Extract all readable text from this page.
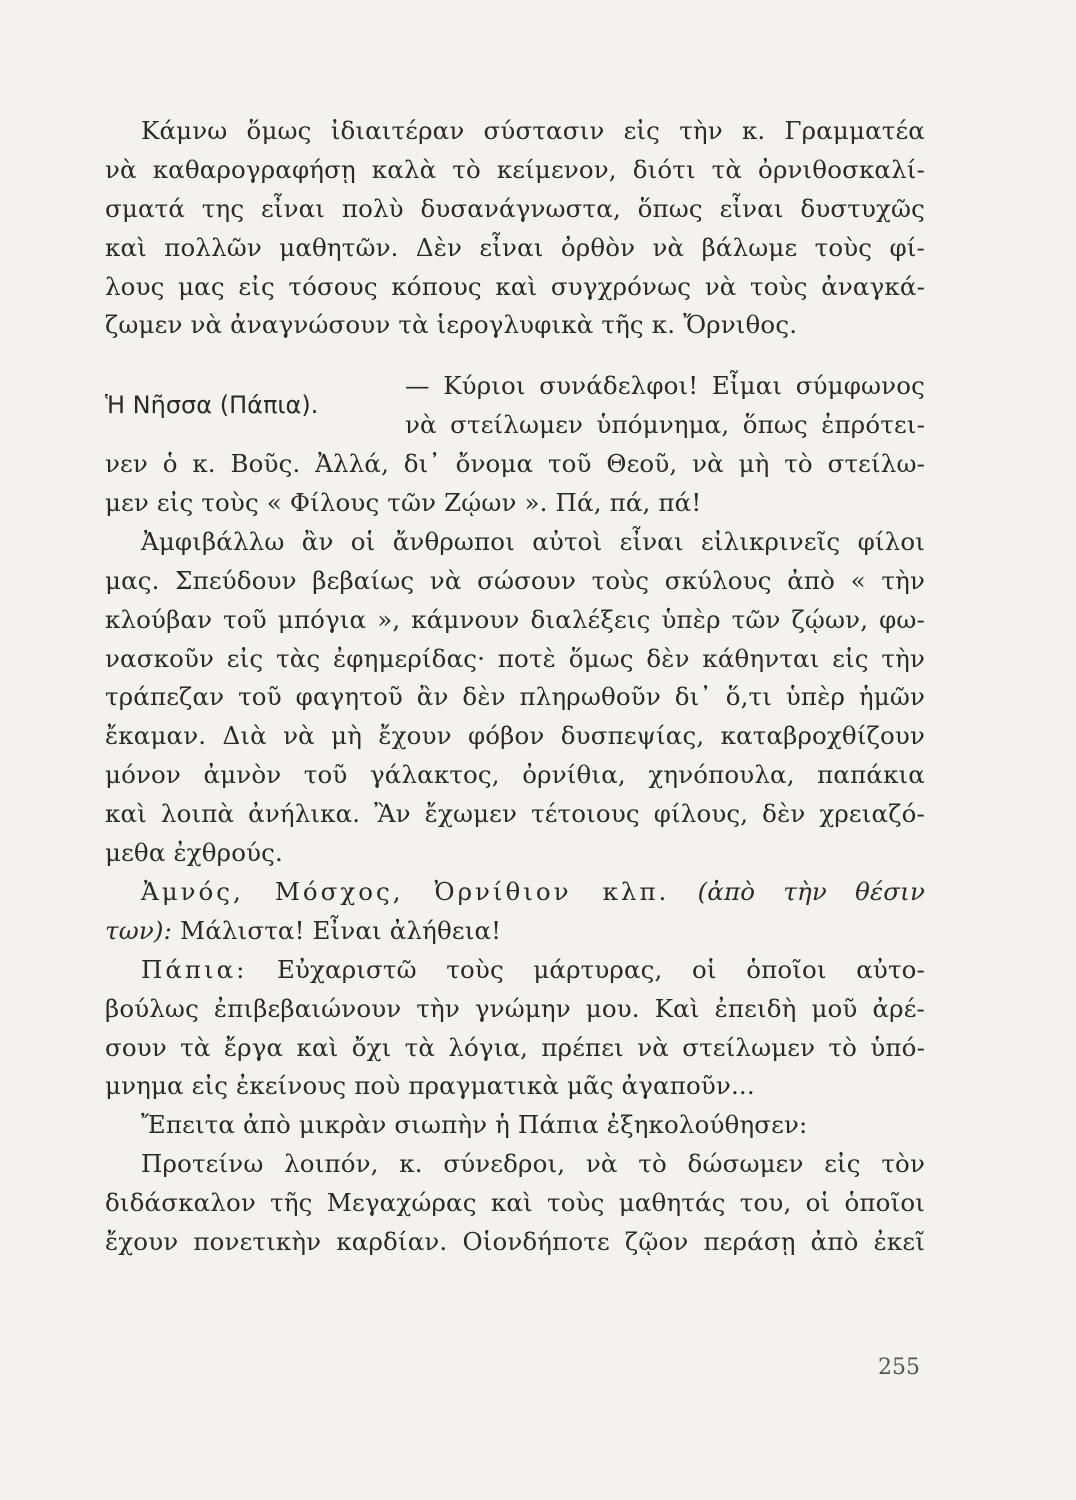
Κάμνω ὅμως ἰδιαιτέραν σύστασιν εἰς τὴν κ. Γραμματέα
νὰ καθαρογραφήσῃ καλὰ τὸ κείμενον, διότι τὰ ὀρνιθοσκαλί-
σματά της εἶναι πολὺ δυσανάγνωστα, ὅπως εἶναι δυστυχῶς
καὶ πολλῶν μαθητῶν. Δὲν εἶναι ὀρθὸν νὰ βάλωμε τοὺς φί-
λους μας εἰς τόσους κόπους καὶ συγχρόνως νὰ τοὺς ἀναγκά-
ζωμεν νὰ ἀναγνώσουν τὰ ἱερογλυφικὰ τῆς κ. Ὄρνιθος.
Ἡ Νῆσσα (Πάπια).
— Κύριοι συνάδελφοι! Εἶμαι σύμφωνος
νὰ στείλωμεν ὑπόμνημα, ὅπως ἐπρότει-
νεν ὁ κ. Βοῦς. Ἀλλά, δι᾽ ὄνομα τοῦ Θεοῦ, νὰ μὴ τὸ στείλω-
μεν εἰς τοὺς « Φίλους τῶν Ζῴων ». Πά, πά, πά!
Ἀμφιβάλλω ἂν οἱ ἄνθρωποι αὐτοὶ εἶναι εἰλικρινεῖς φίλοι
μας. Σπεύδουν βεβαίως νὰ σώσουν τοὺς σκύλους ἀπὸ « τὴν
κλούβαν τοῦ μπόγια », κάμνουν διαλέξεις ὑπὲρ τῶν ζῴων, φω-
νασκοῦν εἰς τὰς ἐφημερίδας· ποτὲ ὅμως δὲν κάθηνται εἰς τὴν
τράπεζαν τοῦ φαγητοῦ ἂν δὲν πληρωθοῦν δι᾽ ὅ,τι ὑπὲρ ἡμῶν
ἔκαμαν. Διὰ νὰ μὴ ἔχουν φόβον δυσπεψίας, καταβροχθίζουν
μόνον ἀμνὸν τοῦ γάλακτος, ὀρνίθια, χηνόπουλα, παπάκια
καὶ λοιπὰ ἀνήλικα. Ἂν ἔχωμεν τέτοιους φίλους, δὲν χρειαζό-
μεθα ἐχθρούς.
Ἀμνός, Μόσχος, Ὀρνίθιον κλπ. (ἀπὸ τὴν θέσιν
των): Μάλιστα! Εἶναι ἀλήθεια!
Πάπια: Εὐχαριστῶ τοὺς μάρτυρας, οἱ ὁποῖοι αὐτο-
βούλως ἐπιβεβαιώνουν τὴν γνώμην μου. Καὶ ἐπειδὴ μοῦ ἀρέ-
σουν τὰ ἔργα καὶ ὄχι τὰ λόγια, πρέπει νὰ στείλωμεν τὸ ὑπό-
μνημα εἰς ἐκείνους ποὺ πραγματικὰ μᾶς ἀγαποῦν...
Ἔπειτα ἀπὸ μικρὰν σιωπὴν ἡ Πάπια ἐξηκολούθησεν:
Προτείνω λοιπόν, κ. σύνεδροι, νὰ τὸ δώσωμεν εἰς τὸν
διδάσκαλον τῆς Μεγαχώρας καὶ τοὺς μαθητάς του, οἱ ὁποῖοι
ἔχουν πονετικὴν καρδίαν. Οἱονδήποτε ζῷον περάσῃ ἀπὸ ἐκεῖ
255
